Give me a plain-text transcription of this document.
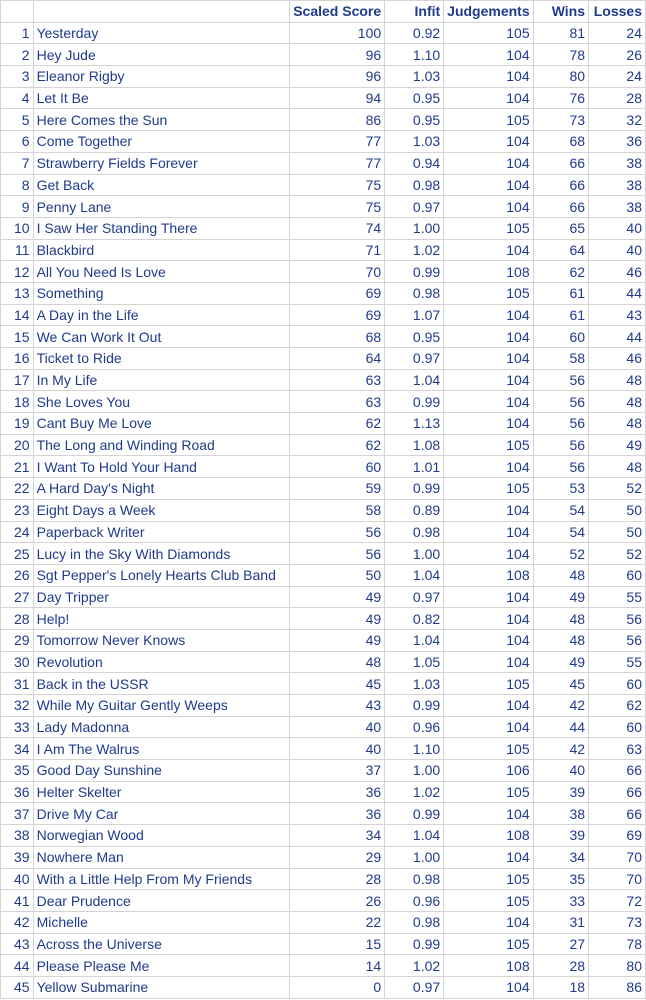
		Scaled Score	Infit	Judgements	Wins	Losses
1	Yesterday	100	0.92	105	81	24
2	Hey Jude	96	1.10	104	78	26
3	Eleanor Rigby	96	1.03	104	80	24
4	Let It Be	94	0.95	104	76	28
5	Here Comes the Sun	86	0.95	105	73	32
6	Come Together	77	1.03	104	68	36
7	Strawberry Fields Forever	77	0.94	104	66	38
8	Get Back	75	0.98	104	66	38
9	Penny Lane	75	0.97	104	66	38
10	I Saw Her Standing There	74	1.00	105	65	40
11	Blackbird	71	1.02	104	64	40
12	All You Need Is Love	70	0.99	108	62	46
13	Something	69	0.98	105	61	44
14	A Day in the Life	69	1.07	104	61	43
15	We Can Work It Out	68	0.95	104	60	44
16	Ticket to Ride	64	0.97	104	58	46
17	In My Life	63	1.04	104	56	48
18	She Loves You	63	0.99	104	56	48
19	Cant Buy Me Love	62	1.13	104	56	48
20	The Long and Winding Road	62	1.08	105	56	49
21	I Want To Hold Your Hand	60	1.01	104	56	48
22	A Hard Day's Night	59	0.99	105	53	52
23	Eight Days a Week	58	0.89	104	54	50
24	Paperback Writer	56	0.98	104	54	50
25	Lucy in the Sky With Diamonds	56	1.00	104	52	52
26	Sgt Pepper's Lonely Hearts Club Band	50	1.04	108	48	60
27	Day Tripper	49	0.97	104	49	55
28	Help!	49	0.82	104	48	56
29	Tomorrow Never Knows	49	1.04	104	48	56
30	Revolution	48	1.05	104	49	55
31	Back in the USSR	45	1.03	105	45	60
32	While My Guitar Gently Weeps	43	0.99	104	42	62
33	Lady Madonna	40	0.96	104	44	60
34	I Am The Walrus	40	1.10	105	42	63
35	Good Day Sunshine	37	1.00	106	40	66
36	Helter Skelter	36	1.02	105	39	66
37	Drive My Car	36	0.99	104	38	66
38	Norwegian Wood	34	1.04	108	39	69
39	Nowhere Man	29	1.00	104	34	70
40	With a Little Help From My Friends	28	0.98	105	35	70
41	Dear Prudence	26	0.96	105	33	72
42	Michelle	22	0.98	104	31	73
43	Across the Universe	15	0.99	105	27	78
44	Please Please Me	14	1.02	108	28	80
45	Yellow Submarine	0	0.97	104	18	86
